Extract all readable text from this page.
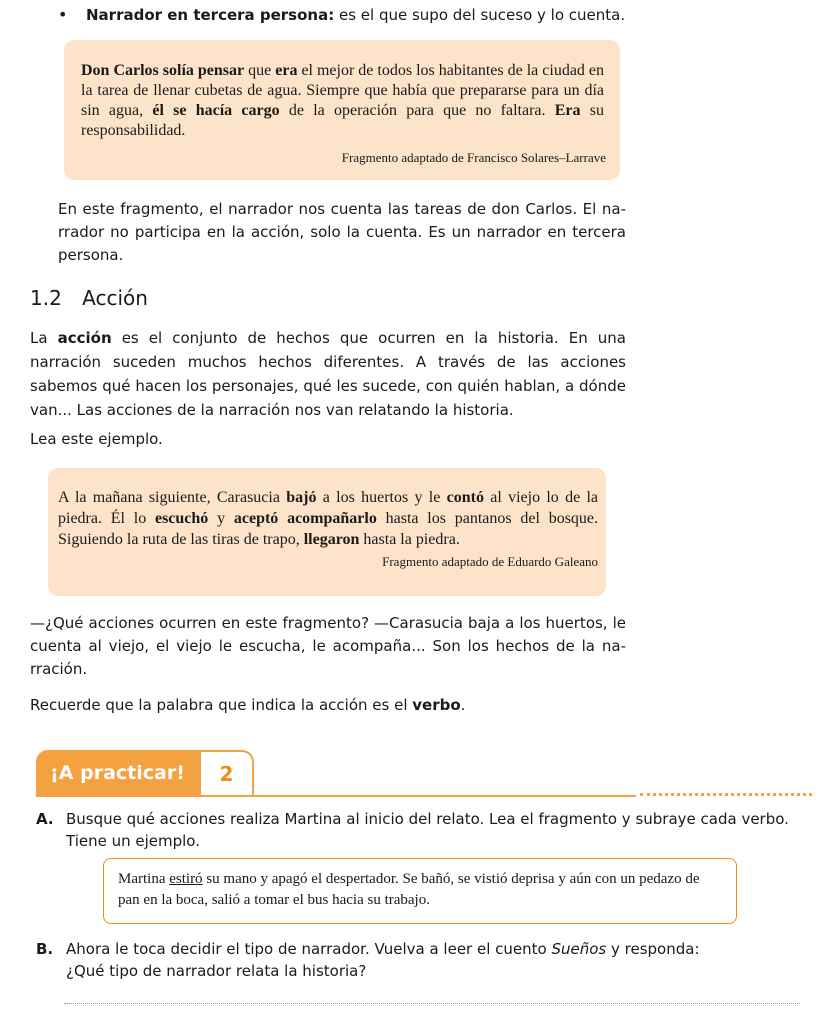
•	Narrador en tercera persona: es el que supo del suceso y lo cuenta.

Don Carlos solía pensar que era el mejor de todos los habitantes de la ciudad en la tarea de llenar cubetas de agua. Siempre que había que prepararse para un día sin agua, él se hacía cargo de la operación para que no faltara. Era su responsabilidad.

Fragmento adaptado de Francisco Solares–Larrave

En este fragmento, el narrador nos cuenta las tareas de don Carlos. El narrador no participa en la acción, solo la cuenta. Es un narrador en tercera persona.

1.2 Acción

La acción es el conjunto de hechos que ocurren en la historia. En una narración suceden muchos hechos diferentes. A través de las acciones sabemos qué hacen los personajes, qué les sucede, con quién hablan, a dónde van... Las acciones de la narración nos van relatando la historia.

Lea este ejemplo.

A la mañana siguiente, Carasucia bajó a los huertos y le contó al viejo lo de la piedra. Él lo escuchó y aceptó acompañarlo hasta los pantanos del bosque. Siguiendo la ruta de las tiras de trapo, llegaron hasta la piedra.

Fragmento adaptado de Eduardo Galeano

—¿Qué acciones ocurren en este fragmento? —Carasucia baja a los huertos, le cuenta al viejo, el viejo le escucha, le acompaña... Son los hechos de la narración.

Recuerde que la palabra que indica la acción es el verbo.

¡A practicar!	2
A. Busque qué acciones realiza Martina al inicio del relato. Lea el fragmento y subraye cada verbo. Tiene un ejemplo.

Martina estiró su mano y apagó el despertador. Se bañó, se vistió deprisa y aún con un pedazo de pan en la boca, salió a tomar el bus hacia su trabajo.

B. Ahora le toca decidir el tipo de narrador. Vuelva a leer el cuento Sueños y responda:
¿Qué tipo de narrador relata la historia?
